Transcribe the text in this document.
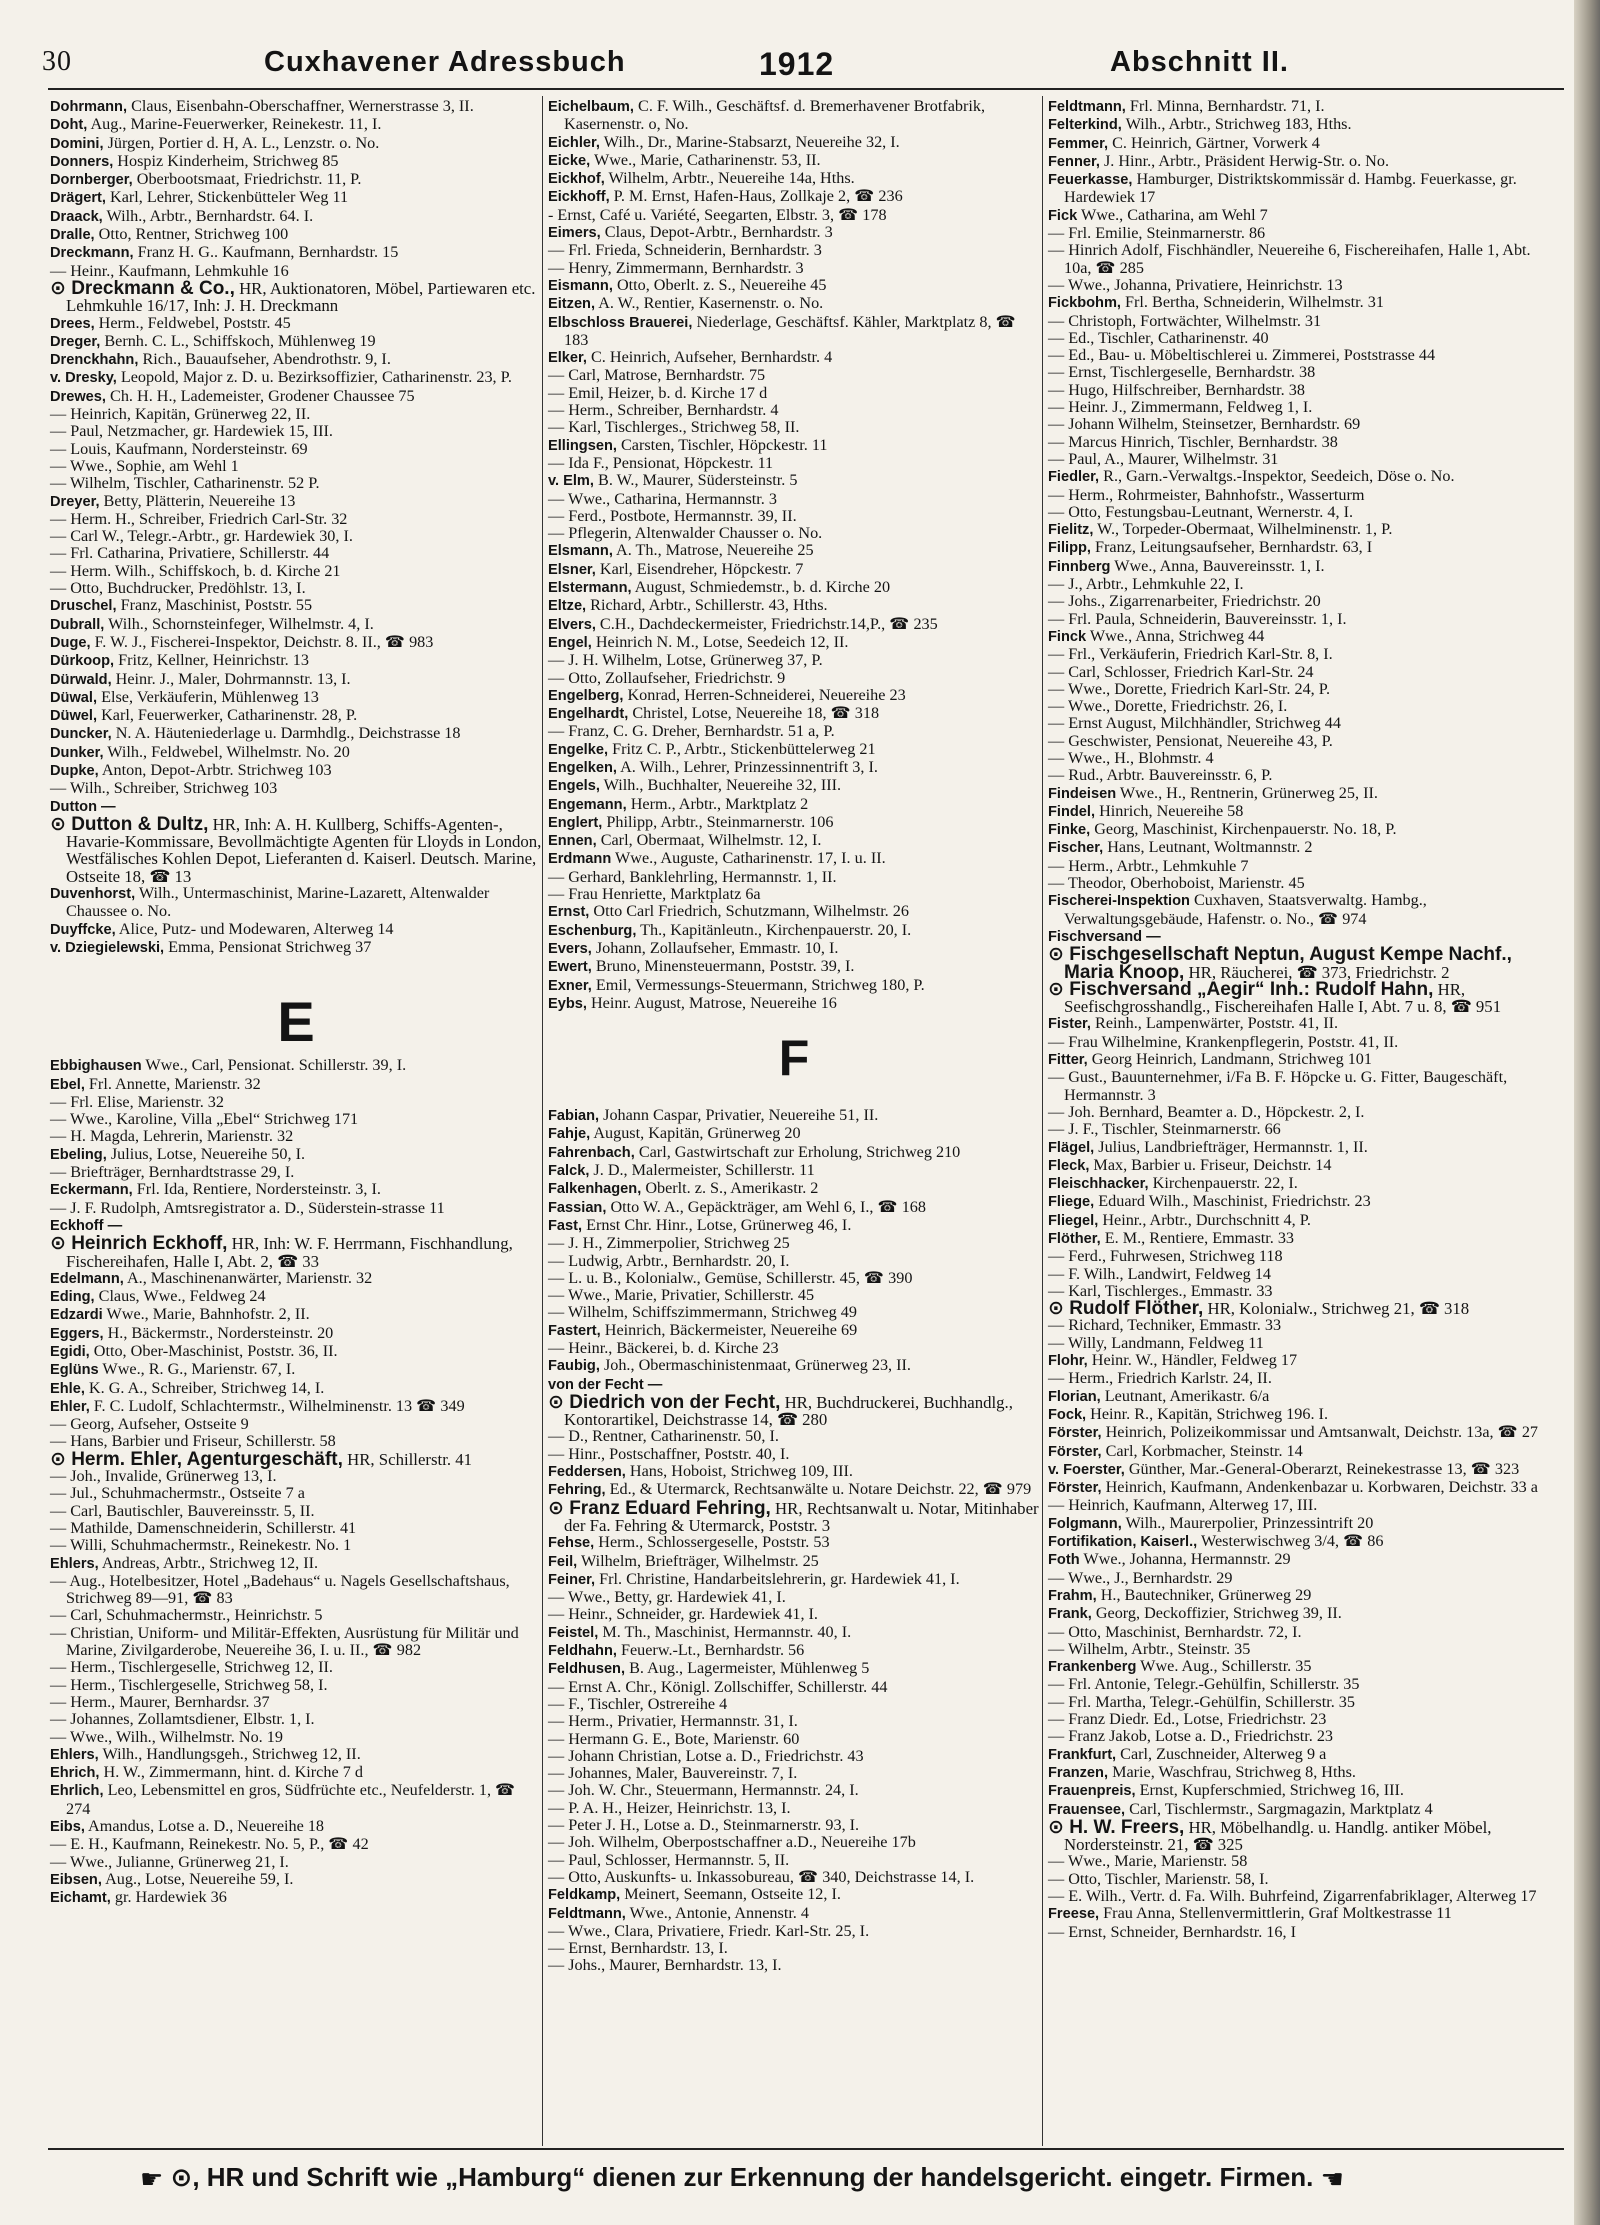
30	Cuxhavener Adressbuch	1912	Abschnitt II.

Dohrmann, Claus, Eisenbahn-Oberschaffner, Wernerstrasse 3, II.

Doht, Aug., Marine-Feuerwerker, Reinekestr. 11, I.

Domini, Jürgen, Portier d. H, A. L., Lenzstr. o. No.

Donners, Hospiz Kinderheim, Strichweg 85

Dornberger, Oberbootsmaat, Friedrichstr. 11, P.

Drägert, Karl, Lehrer, Stickenbütteler Weg 11

Draack, Wilh., Arbtr., Bernhardstr. 64. I.

Dralle, Otto, Rentner, Strichweg 100

Dreckmann, Franz H. G.. Kaufmann, Bernhardstr. 15

— Heinr., Kaufmann, Lehmkuhle 16

⊙ Dreckmann & Co., HR, Auktionatoren, Möbel, Partiewaren etc. Lehmkuhle 16/17, Inh: J. H. Dreckmann

Drees, Herm., Feldwebel, Poststr. 45

Dreger, Bernh. C. L., Schiffskoch, Mühlenweg 19

Drenckhahn, Rich., Bauaufseher, Abendrothstr. 9, I.

v. Dresky, Leopold, Major z. D. u. Bezirksoffizier, Catharinenstr. 23, P.

Drewes, Ch. H. H., Lademeister, Grodener Chaussee 75

— Heinrich, Kapitän, Grünerweg 22, II.

— Paul, Netzmacher, gr. Hardewiek 15, III.

— Louis, Kaufmann, Nordersteinstr. 69

— Wwe., Sophie, am Wehl 1

— Wilhelm, Tischler, Catharinenstr. 52 P.

Dreyer, Betty, Plätterin, Neuereihe 13

— Herm. H., Schreiber, Friedrich Carl-Str. 32

— Carl W., Telegr.-Arbtr., gr. Hardewiek 30, I.

— Frl. Catharina, Privatiere, Schillerstr. 44

— Herm. Wilh., Schiffskoch, b. d. Kirche 21

— Otto, Buchdrucker, Predöhlstr. 13, I.

Druschel, Franz, Maschinist, Poststr. 55

Dubrall, Wilh., Schornsteinfeger, Wilhelmstr. 4, I.

Duge, F. W. J., Fischerei-Inspektor, Deichstr. 8. II., ☎ 983

Dürkoop, Fritz, Kellner, Heinrichstr. 13

Dürwald, Heinr. J., Maler, Dohrmannstr. 13, I.

Düwal, Else, Verkäuferin, Mühlenweg 13

Düwel, Karl, Feuerwerker, Catharinenstr. 28, P.

Duncker, N. A. Häuteniederlage u. Darmhdlg., Deichstrasse 18

Dunker, Wilh., Feldwebel, Wilhelmstr. No. 20

Dupke, Anton, Depot-Arbtr. Strichweg 103

— Wilh., Schreiber, Strichweg 103

Dutton —

⊙ Dutton & Dultz, HR, Inh: A. H. Kullberg, Schiffs-Agenten-, Havarie-Kommissare, Bevollmächtigte Agenten für Lloyds in London, Westfälisches Kohlen Depot, Lieferanten d. Kaiserl. Deutsch. Marine, Ostseite 18, ☎ 13

Duvenhorst, Wilh., Untermaschinist, Marine-Lazarett, Altenwalder Chaussee o. No.

Duyffcke, Alice, Putz- und Modewaren, Alterweg 14

v. Dziegielewski, Emma, Pensionat Strichweg 37

E

Ebbighausen Wwe., Carl, Pensionat. Schillerstr. 39, I.

Ebel, Frl. Annette, Marienstr. 32

— Frl. Elise, Marienstr. 32

— Wwe., Karoline, Villa „Ebel“ Strichweg 171

— H. Magda, Lehrerin, Marienstr. 32

Ebeling, Julius, Lotse, Neuereihe 50, I.

— Briefträger, Bernhardtstrasse 29, I.

Eckermann, Frl. Ida, Rentiere, Nordersteinstr. 3, I.

— J. F. Rudolph, Amtsregistrator a. D., Süderstein-strasse 11

Eckhoff —

⊙ Heinrich Eckhoff, HR, Inh: W. F. Herrmann, Fischhandlung, Fischereihafen, Halle I, Abt. 2, ☎ 33

Edelmann, A., Maschinenanwärter, Marienstr. 32

Eding, Claus, Wwe., Feldweg 24

Edzardi Wwe., Marie, Bahnhofstr. 2, II.

Eggers, H., Bäckermstr., Nordersteinstr. 20

Egidi, Otto, Ober-Maschinist, Poststr. 36, II.

Eglüns Wwe., R. G., Marienstr. 67, I.

Ehle, K. G. A., Schreiber, Strichweg 14, I.

Ehler, F. C. Ludolf, Schlachtermstr., Wilhelminenstr. 13 ☎ 349

— Georg, Aufseher, Ostseite 9

— Hans, Barbier und Friseur, Schillerstr. 58

⊙ Herm. Ehler, Agenturgeschäft, HR, Schillerstr. 41

— Joh., Invalide, Grünerweg 13, I.

— Jul., Schuhmachermstr., Ostseite 7 a

— Carl, Bautischler, Bauvereinsstr. 5, II.

— Mathilde, Damenschneiderin, Schillerstr. 41

— Willi, Schuhmachermstr., Reinekestr. No. 1

Ehlers, Andreas, Arbtr., Strichweg 12, II.

— Aug., Hotelbesitzer, Hotel „Badehaus“ u. Nagels Gesellschaftshaus, Strichweg 89—91, ☎ 83

— Carl, Schuhmachermstr., Heinrichstr. 5

— Christian, Uniform- und Militär-Effekten, Ausrüstung für Militär und Marine, Zivilgarderobe, Neuereihe 36, I. u. II., ☎ 982

— Herm., Tischlergeselle, Strichweg 12, II.

— Herm., Tischlergeselle, Strichweg 58, I.

— Herm., Maurer, Bernhardsr. 37

— Johannes, Zollamtsdiener, Elbstr. 1, I.

— Wwe., Wilh., Wilhelmstr. No. 19

Ehlers, Wilh., Handlungsgeh., Strichweg 12, II.

Ehrich, H. W., Zimmermann, hint. d. Kirche 7 d

Ehrlich, Leo, Lebensmittel en gros, Südfrüchte etc., Neufelderstr. 1, ☎ 274

Eibs, Amandus, Lotse a. D., Neuereihe 18

— E. H., Kaufmann, Reinekestr. No. 5, P., ☎ 42

— Wwe., Julianne, Grünerweg 21, I.

Eibsen, Aug., Lotse, Neuereihe 59, I.

Eichamt, gr. Hardewiek 36

Eichelbaum, C. F. Wilh., Geschäftsf. d. Bremerhavener Brotfabrik, Kasernenstr. o, No.

Eichler, Wilh., Dr., Marine-Stabsarzt, Neuereihe 32, I.

Eicke, Wwe., Marie, Catharinenstr. 53, II.

Eickhof, Wilhelm, Arbtr., Neuereihe 14a, Hths.

Eickhoff, P. M. Ernst, Hafen-Haus, Zollkaje 2, ☎ 236

- Ernst, Café u. Variété, Seegarten, Elbstr. 3, ☎ 178

Eimers, Claus, Depot-Arbtr., Bernhardstr. 3

— Frl. Frieda, Schneiderin, Bernhardstr. 3

— Henry, Zimmermann, Bernhardstr. 3

Eismann, Otto, Oberlt. z. S., Neuereihe 45

Eitzen, A. W., Rentier, Kasernenstr. o. No.

Elbschloss Brauerei, Niederlage, Geschäftsf. Kähler, Marktplatz 8, ☎ 183

Elker, C. Heinrich, Aufseher, Bernhardstr. 4

— Carl, Matrose, Bernhardstr. 75

— Emil, Heizer, b. d. Kirche 17 d

— Herm., Schreiber, Bernhardstr. 4

— Karl, Tischlerges., Strichweg 58, II.

Ellingsen, Carsten, Tischler, Höpckestr. 11

— Ida F., Pensionat, Höpckestr. 11

v. Elm, B. W., Maurer, Südersteinstr. 5

— Wwe., Catharina, Hermannstr. 3

— Ferd., Postbote, Hermannstr. 39, II.

— Pflegerin, Altenwalder Chausser o. No.

Elsmann, A. Th., Matrose, Neuereihe 25

Elsner, Karl, Eisendreher, Höpckestr. 7

Elstermann, August, Schmiedemstr., b. d. Kirche 20

Eltze, Richard, Arbtr., Schillerstr. 43, Hths.

Elvers, C.H., Dachdeckermeister, Friedrichstr.14,P., ☎ 235

Engel, Heinrich N. M., Lotse, Seedeich 12, II.

— J. H. Wilhelm, Lotse, Grünerweg 37, P.

— Otto, Zollaufseher, Friedrichstr. 9

Engelberg, Konrad, Herren-Schneiderei, Neuereihe 23

Engelhardt, Christel, Lotse, Neuereihe 18, ☎ 318

— Franz, C. G. Dreher, Bernhardstr. 51 a, P.

Engelke, Fritz C. P., Arbtr., Stickenbüttelerweg 21

Engelken, A. Wilh., Lehrer, Prinzessinnentrift 3, I.

Engels, Wilh., Buchhalter, Neuereihe 32, III.

Engemann, Herm., Arbtr., Marktplatz 2

Englert, Philipp, Arbtr., Steinmarnerstr. 106

Ennen, Carl, Obermaat, Wilhelmstr. 12, I.

Erdmann Wwe., Auguste, Catharinenstr. 17, I. u. II.

— Gerhard, Banklehrling, Hermannstr. 1, II.

— Frau Henriette, Marktplatz 6a

Ernst, Otto Carl Friedrich, Schutzmann, Wilhelmstr. 26

Eschenburg, Th., Kapitänleutn., Kirchenpauerstr. 20, I.

Evers, Johann, Zollaufseher, Emmastr. 10, I.

Ewert, Bruno, Minensteuermann, Poststr. 39, I.

Exner, Emil, Vermessungs-Steuermann, Strichweg 180, P.

Eybs, Heinr. August, Matrose, Neuereihe 16

F

Fabian, Johann Caspar, Privatier, Neuereihe 51, II.

Fahje, August, Kapitän, Grünerweg 20

Fahrenbach, Carl, Gastwirtschaft zur Erholung, Strichweg 210

Falck, J. D., Malermeister, Schillerstr. 11

Falkenhagen, Oberlt. z. S., Amerikastr. 2

Fassian, Otto W. A., Gepäckträger, am Wehl 6, I., ☎ 168

Fast, Ernst Chr. Hinr., Lotse, Grünerweg 46, I.

— J. H., Zimmerpolier, Strichweg 25

— Ludwig, Arbtr., Bernhardstr. 20, I.

— L. u. B., Kolonialw., Gemüse, Schillerstr. 45, ☎ 390

— Wwe., Marie, Privatier, Schillerstr. 45

— Wilhelm, Schiffszimmermann, Strichweg 49

Fastert, Heinrich, Bäckermeister, Neuereihe 69

— Heinr., Bäckerei, b. d. Kirche 23

Faubig, Joh., Obermaschinistenmaat, Grünerweg 23, II.

von der Fecht —

⊙ Diedrich von der Fecht, HR, Buchdruckerei, Buchhandlg., Kontorartikel, Deichstrasse 14, ☎ 280

— D., Rentner, Catharinenstr. 50, I.

— Hinr., Postschaffner, Poststr. 40, I.

Feddersen, Hans, Hoboist, Strichweg 109, III.

Fehring, Ed., & Utermarck, Rechtsanwälte u. Notare Deichstr. 22, ☎ 979

⊙ Franz Eduard Fehring, HR, Rechtsanwalt u. Notar, Mitinhaber der Fa. Fehring & Utermarck, Poststr. 3

Fehse, Herm., Schlossergeselle, Poststr. 53

Feil, Wilhelm, Briefträger, Wilhelmstr. 25

Feiner, Frl. Christine, Handarbeitslehrerin, gr. Hardewiek 41, I.

— Wwe., Betty, gr. Hardewiek 41, I.

— Heinr., Schneider, gr. Hardewiek 41, I.

Feistel, M. Th., Maschinist, Hermannstr. 40, I.

Feldhahn, Feuerw.-Lt., Bernhardstr. 56

Feldhusen, B. Aug., Lagermeister, Mühlenweg 5

— Ernst A. Chr., Königl. Zollschiffer, Schillerstr. 44

— F., Tischler, Ostrereihe 4

— Herm., Privatier, Hermannstr. 31, I.

— Hermann G. E., Bote, Marienstr. 60

— Johann Christian, Lotse a. D., Friedrichstr. 43

— Johannes, Maler, Bauvereinstr. 7, I.

— Joh. W. Chr., Steuermann, Hermannstr. 24, I.

— P. A. H., Heizer, Heinrichstr. 13, I.

— Peter J. H., Lotse a. D., Steinmarnerstr. 93, I.

— Joh. Wilhelm, Oberpostschaffner a.D., Neuereihe 17b

— Paul, Schlosser, Hermannstr. 5, II.

— Otto, Auskunfts- u. Inkassobureau, ☎ 340, Deichstrasse 14, I.

Feldkamp, Meinert, Seemann, Ostseite 12, I.

Feldtmann, Wwe., Antonie, Annenstr. 4

— Wwe., Clara, Privatiere, Friedr. Karl-Str. 25, I.

— Ernst, Bernhardstr. 13, I.

— Johs., Maurer, Bernhardstr. 13, I.

Feldtmann, Frl. Minna, Bernhardstr. 71, I.

Felterkind, Wilh., Arbtr., Strichweg 183, Hths.

Femmer, C. Heinrich, Gärtner, Vorwerk 4

Fenner, J. Hinr., Arbtr., Präsident Herwig-Str. o. No.

Feuerkasse, Hamburger, Distriktskommissär d. Hambg. Feuerkasse, gr. Hardewiek 17

Fick Wwe., Catharina, am Wehl 7

— Frl. Emilie, Steinmarnerstr. 86

— Hinrich Adolf, Fischhändler, Neuereihe 6, Fischereihafen, Halle 1, Abt. 10a, ☎ 285

— Wwe., Johanna, Privatiere, Heinrichstr. 13

Fickbohm, Frl. Bertha, Schneiderin, Wilhelmstr. 31

— Christoph, Fortwächter, Wilhelmstr. 31

— Ed., Tischler, Catharinenstr. 40

— Ed., Bau- u. Möbeltischlerei u. Zimmerei, Poststrasse 44

— Ernst, Tischlergeselle, Bernhardstr. 38

— Hugo, Hilfschreiber, Bernhardstr. 38

— Heinr. J., Zimmermann, Feldweg 1, I.

— Johann Wilhelm, Steinsetzer, Bernhardstr. 69

— Marcus Hinrich, Tischler, Bernhardstr. 38

— Paul, A., Maurer, Wilhelmstr. 31

Fiedler, R., Garn.-Verwaltgs.-Inspektor, Seedeich, Döse o. No.

— Herm., Rohrmeister, Bahnhofstr., Wasserturm

— Otto, Festungsbau-Leutnant, Wernerstr. 4, I.

Fielitz, W., Torpeder-Obermaat, Wilhelminenstr. 1, P.

Filipp, Franz, Leitungsaufseher, Bernhardstr. 63, I

Finnberg Wwe., Anna, Bauvereinsstr. 1, I.

— J., Arbtr., Lehmkuhle 22, I.

— Johs., Zigarrenarbeiter, Friedrichstr. 20

— Frl. Paula, Schneiderin, Bauvereinsstr. 1, I.

Finck Wwe., Anna, Strichweg 44

— Frl., Verkäuferin, Friedrich Karl-Str. 8, I.

— Carl, Schlosser, Friedrich Karl-Str. 24

— Wwe., Dorette, Friedrich Karl-Str. 24, P.

— Wwe., Dorette, Friedrichstr. 26, I.

— Ernst August, Milchhändler, Strichweg 44

— Geschwister, Pensionat, Neuereihe 43, P.

— Wwe., H., Blohmstr. 4

— Rud., Arbtr. Bauvereinsstr. 6, P.

Findeisen Wwe., H., Rentnerin, Grünerweg 25, II.

Findel, Hinrich, Neuereihe 58

Finke, Georg, Maschinist, Kirchenpauerstr. No. 18, P.

Fischer, Hans, Leutnant, Woltmannstr. 2

— Herm., Arbtr., Lehmkuhle 7

— Theodor, Oberhoboist, Marienstr. 45

Fischerei-Inspektion Cuxhaven, Staatsverwaltg. Hambg., Verwaltungsgebäude, Hafenstr. o. No., ☎ 974

Fischversand —

⊙ Fischgesellschaft Neptun, August Kempe Nachf., Maria Knoop, HR, Räucherei, ☎ 373, Friedrichstr. 2

⊙ Fischversand „Aegir“ Inh.: Rudolf Hahn, HR, Seefischgrosshandlg., Fischereihafen Halle I, Abt. 7 u. 8, ☎ 951

Fister, Reinh., Lampenwärter, Poststr. 41, II.

— Frau Wilhelmine, Krankenpflegerin, Poststr. 41, II.

Fitter, Georg Heinrich, Landmann, Strichweg 101

— Gust., Bauunternehmer, i/Fa B. F. Höpcke u. G. Fitter, Baugeschäft, Hermannstr. 3

— Joh. Bernhard, Beamter a. D., Höpckestr. 2, I.

— J. F., Tischler, Steinmarnerstr. 66

Flägel, Julius, Landbriefträger, Hermannstr. 1, II.

Fleck, Max, Barbier u. Friseur, Deichstr. 14

Fleischhacker, Kirchenpauerstr. 22, I.

Fliege, Eduard Wilh., Maschinist, Friedrichstr. 23

Fliegel, Heinr., Arbtr., Durchschnitt 4, P.

Flöther, E. M., Rentiere, Emmastr. 33

— Ferd., Fuhrwesen, Strichweg 118

— F. Wilh., Landwirt, Feldweg 14

— Karl, Tischlerges., Emmastr. 33

⊙ Rudolf Flöther, HR, Kolonialw., Strichweg 21, ☎ 318

— Richard, Techniker, Emmastr. 33

— Willy, Landmann, Feldweg 11

Flohr, Heinr. W., Händler, Feldweg 17

— Herm., Friedrich Karlstr. 24, II.

Florian, Leutnant, Amerikastr. 6/a

Fock, Heinr. R., Kapitän, Strichweg 196. I.

Förster, Heinrich, Polizeikommissar und Amtsanwalt, Deichstr. 13a, ☎ 27

Förster, Carl, Korbmacher, Steinstr. 14

v. Foerster, Günther, Mar.-General-Oberarzt, Reinekestrasse 13, ☎ 323

Förster, Heinrich, Kaufmann, Andenkenbazar u. Korbwaren, Deichstr. 33 a

— Heinrich, Kaufmann, Alterweg 17, III.

Folgmann, Wilh., Maurerpolier, Prinzessintrift 20

Fortifikation, Kaiserl., Westerwischweg 3/4, ☎ 86

Foth Wwe., Johanna, Hermannstr. 29

— Wwe., J., Bernhardstr. 29

Frahm, H., Bautechniker, Grünerweg 29

Frank, Georg, Deckoffizier, Strichweg 39, II.

— Otto, Maschinist, Bernhardstr. 72, I.

— Wilhelm, Arbtr., Steinstr. 35

Frankenberg Wwe. Aug., Schillerstr. 35

— Frl. Antonie, Telegr.-Gehülfin, Schillerstr. 35

— Frl. Martha, Telegr.-Gehülfin, Schillerstr. 35

— Franz Diedr. Ed., Lotse, Friedrichstr. 23

— Franz Jakob, Lotse a. D., Friedrichstr. 23

Frankfurt, Carl, Zuschneider, Alterweg 9 a

Franzen, Marie, Waschfrau, Strichweg 8, Hths.

Frauenpreis, Ernst, Kupferschmied, Strichweg 16, III.

Frauensee, Carl, Tischlermstr., Sargmagazin, Marktplatz 4

⊙ H. W. Freers, HR, Möbelhandlg. u. Handlg. antiker Möbel, Nordersteinstr. 21, ☎ 325

— Wwe., Marie, Marienstr. 58

— Otto, Tischler, Marienstr. 58, I.

— E. Wilh., Vertr. d. Fa. Wilh. Buhrfeind, Zigarrenfabriklager, Alterweg 17

Freese, Frau Anna, Stellenvermittlerin, Graf Moltkestrasse 11

— Ernst, Schneider, Bernhardstr. 16, I

☛ ⊙, HR und Schrift wie „Hamburg“ dienen zur Erkennung der handelsgericht. eingetr. Firmen. ☚
